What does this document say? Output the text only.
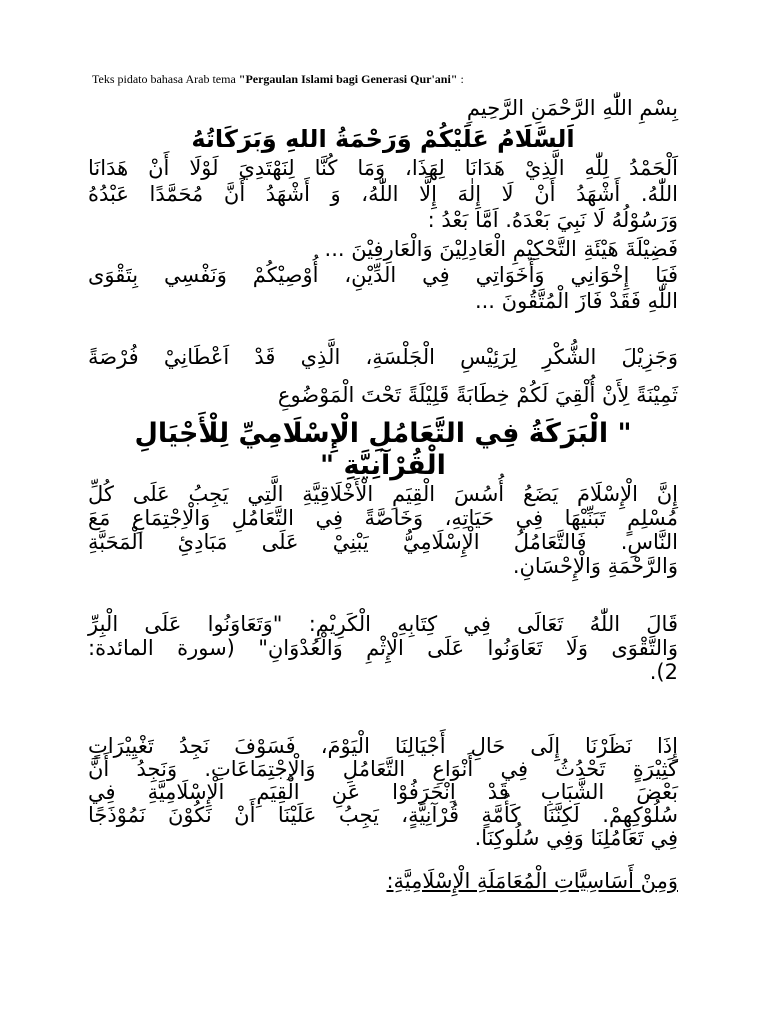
Teks pidato bahasa Arab tema "Pergaulan Islami bagi Generasi Qur'ani" :
بِسْمِ اللّٰهِ الرَّحْمَنِ الرَّحِيمِ
اَلسَّلَامُ عَلَيْكُمْ وَرَحْمَةُ اللهِ وَبَرَكَاتُهُ
اَلْحَمْدُ لِلّٰهِ الَّذِيْ هَدَانَا لِهَذَا، وَمَا كُنَّا لِنَهْتَدِيَ لَوْلَا أَنْ هَدَانَا
اللّٰهُ. أَشْهَدُ أَنْ لَا إِلٰهَ إِلَّا اللّٰهُ، وَ أَشْهَدُ أَنَّ مُحَمَّدًا عَبْدُهُ
وَرَسُوْلُهُ لَا نَبِيَ بَعْدَهُ. اَمَّا بَعْدُ :
فَضِيْلَةَ هَيْئَةِ التَّحْكِيْمِ الْعَادِلِيْنَ وَالْعَارِفِيْنَ ...
فَيَا إِخْوَانِي وَأَخَوَاتِي فِي الدِّيْنِ، أُوْصِيْكُمْ وَنَفْسِي بِتَقْوَى
اللّٰهِ فَقَدْ فَازَ الْمُتَّقُونَ ...
وَجَزِيْلَ الشُّكْرِ لِرَئِيْسِ الْجَلْسَةِ، الَّذِي قَدْ اَعْطَانِيْ فُرْصَةً
ثَمِيْنَةً لِأَنْ أُلْقِيَ لَكُمْ خِطَابَةً قَلِيْلَةً تَحْتَ الْمَوْضُوعِ
" الْبَرَكَةُ فِي التَّعَامُلِ الْإِسْلَامِيِّ لِلْأَجْيَالِ
الْقُرْآنِيَّةِ "
إِنَّ الْإِسْلَامَ يَضَعُ أُسُسَ الْقِيَمِ الْأَخْلَاقِيَّةِ الَّتِي يَجِبُ عَلَى كُلِّ
مُسْلِمٍ تَبَنِّيْهَا فِي حَيَاتِهِ، وَخَاصَّةً فِي التَّعَامُلِ وَالْاِجْتِمَاعِ مَعَ
النَّاسِ. فَالتَّعَامُلُ الْإِسْلَامِيُّ يَبْنِيْ عَلَى مَبَادِئِ الْمَحَبَّةِ
وَالرَّحْمَةِ وَالْإِحْسَانِ.
قَالَ اللّٰهُ تَعَالَى فِي كِتَابِهِ الْكَرِيْمِ: "وَتَعَاوَنُوا عَلَى الْبِرِّ
وَالتَّقْوَى وَلَا تَعَاوَنُوا عَلَى الْإِثْمِ وَالْعُدْوَانِ" (سورة المائدة:
2).
إِذَا نَظَرْنَا إِلَى حَالِ أَجْيَالِنَا الْيَوْمَ، فَسَوْفَ نَجِدُ تَغْيِيْرَاتٍ
كَثِيْرَةٍ تَحْدُثُ فِي أَنْوَاعِ التَّعَامُلِ وَالْاِجْتِمَاعَاتِ. وَنَجِدُ أَنَّ
بَعْضَ الشَّبَابِ قَدْ اِنْحَرَفُوْا عَنِ الْقِيَمِ الْإِسْلَامِيَّةِ فِي
سُلُوْكِهِمْ. لَكِنَّنَا كَأُمَّةٍ قُرْآنِيَّةٍ، يَجِبُ عَلَيْنَا أَنْ نَكُوْنَ نَمُوْذَجًا
فِي تَعَامُلِنَا وَفِي سُلُوكِنَا.
وَمِنْ أَسَاسِيَّاتِ الْمُعَامَلَةِ الْإِسْلَامِيَّةِ:
